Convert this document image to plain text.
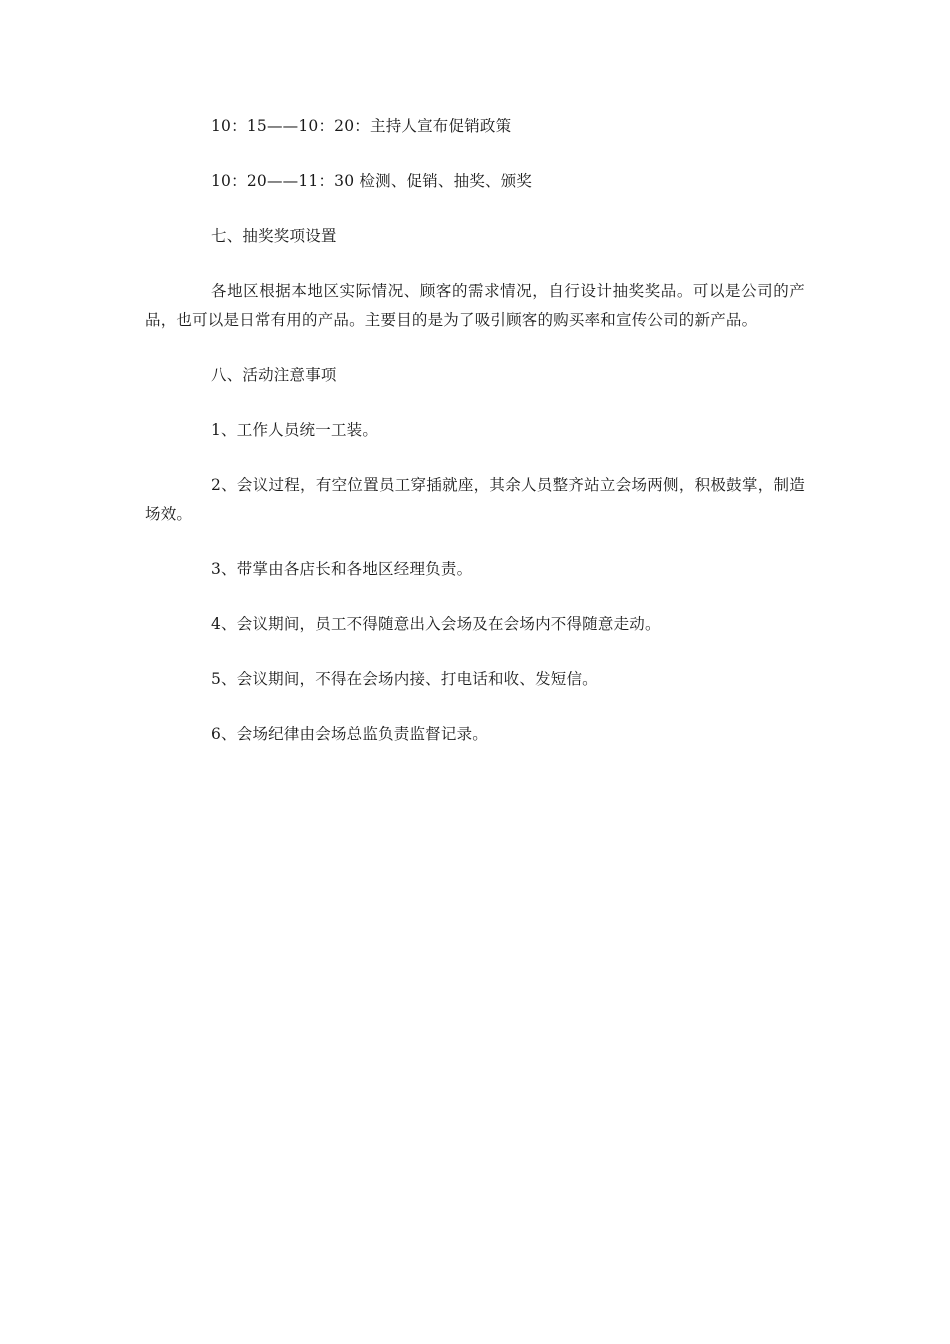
10：15——10：20：主持人宣布促销政策

10：20——11：30 检测、促销、抽奖、颁奖

七、抽奖奖项设置

各地区根据本地区实际情况、顾客的需求情况，自行设计抽奖奖品。可以是公司的产品，也可以是日常有用的产品。主要目的是为了吸引顾客的购买率和宣传公司的新产品。

八、活动注意事项

1、工作人员统一工装。

2、会议过程，有空位置员工穿插就座，其余人员整齐站立会场两侧，积极鼓掌，制造场效。

3、带掌由各店长和各地区经理负责。

4、会议期间，员工不得随意出入会场及在会场内不得随意走动。

5、会议期间，不得在会场内接、打电话和收、发短信。

6、会场纪律由会场总监负责监督记录。
